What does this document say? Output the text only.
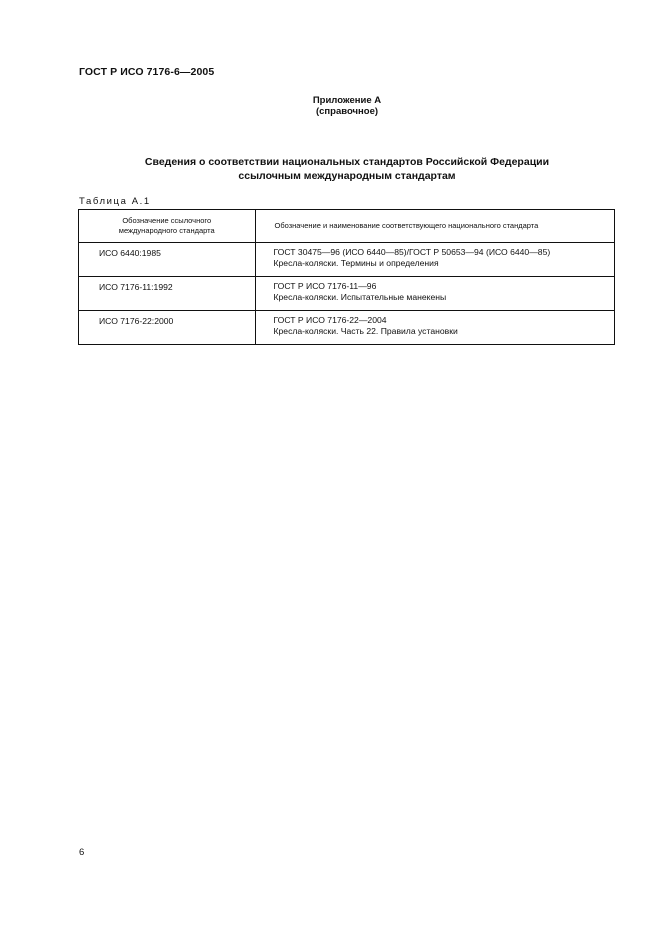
ГОСТ Р ИСО 7176-6—2005
Приложение А
(справочное)
Сведения о соответствии национальных стандартов Российской Федерации
ссылочным международным стандартам
Таблица А.1
Обозначение ссылочного
международного стандарта	Обозначение и наименование соответствующего национального стандарта
ИСО 6440:1985	ГОСТ 30475—96 (ИСО 6440—85)/ГОСТ Р 50653—94 (ИСО 6440—85)
Кресла-коляски. Термины и определения

ИСО 7176-11:1992	ГОСТ Р ИСО 7176-11—96
Кресла-коляски. Испытательные манекены

ИСО 7176-22:2000	ГОСТ Р ИСО 7176-22—2004
Кресла-коляски. Часть 22. Правила установки
6
